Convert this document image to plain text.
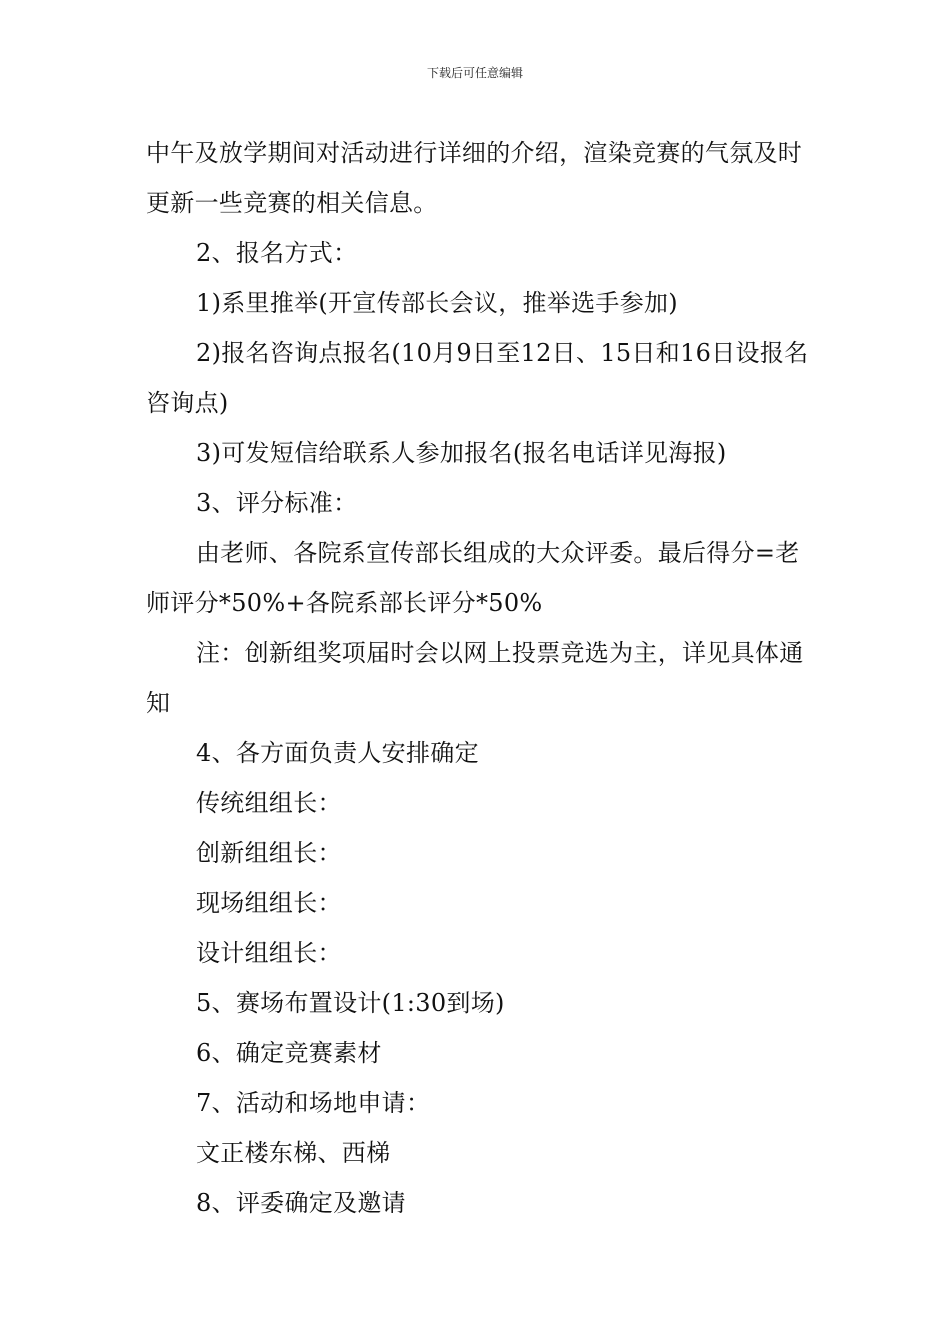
下载后可任意编辑

中午及放学期间对活动进行详细的介绍，渲染竞赛的气氛及时更新一些竞赛的相关信息。

2、报名方式：

1)系里推举(开宣传部长会议，推举选手参加)

2)报名咨询点报名(10月9日至12日、15日和16日设报名咨询点)

3)可发短信给联系人参加报名(报名电话详见海报)

3、评分标准：

由老师、各院系宣传部长组成的大众评委。最后得分=老师评分*50%+各院系部长评分*50%

注：创新组奖项届时会以网上投票竞选为主，详见具体通知

4、各方面负责人安排确定

传统组组长：

创新组组长：

现场组组长：

设计组组长：

5、赛场布置设计(1:30到场)

6、确定竞赛素材

7、活动和场地申请：

文正楼东梯、西梯

8、评委确定及邀请
